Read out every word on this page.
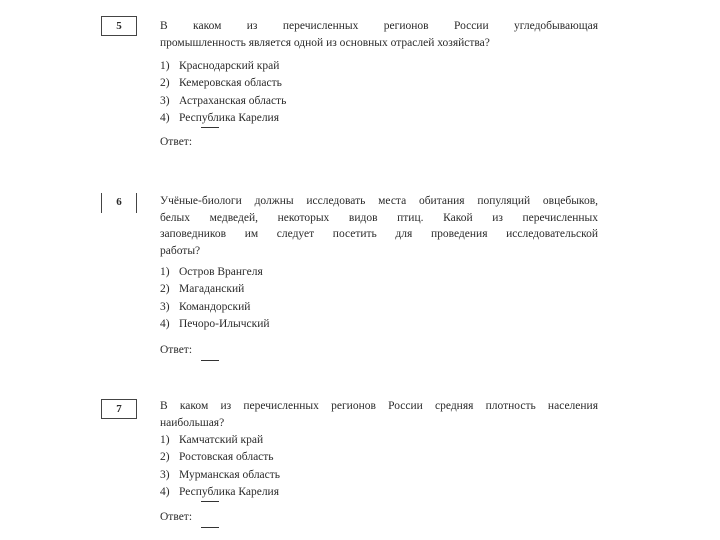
5	В каком из перечисленных регионов России угледобывающая
промышленность является одной из основных отраслей хозяйства?
1) Краснодарский край
2) Кемеровская область
3) Астраханская область
4) Республика Карелия
Ответ:
6	Учёные-биологи должны исследовать места обитания популяций овцебыков,
белых медведей, некоторых видов птиц. Какой из перечисленных
заповедников им следует посетить для проведения исследовательской
работы?
1) Остров Врангеля
2) Магаданский
3) Командорский
4) Печоро-Илычский
Ответ:
7	В каком из перечисленных регионов России средняя плотность населения
наибольшая?
1) Камчатский край
2) Ростовская область
3) Мурманская область
4) Республика Карелия
Ответ:
